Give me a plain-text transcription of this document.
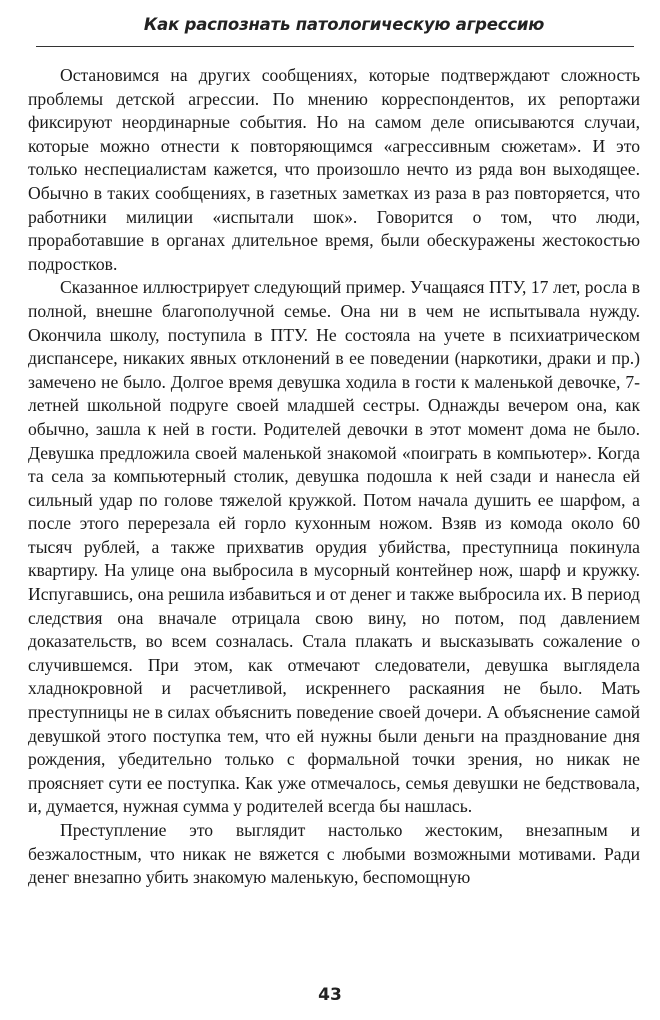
Как распознать патологическую агрессию

Остановимся на других сообщениях, которые подтверждают сложность проблемы детской агрессии. По мнению корреспондентов, их репортажи фиксируют неординарные события. Но на самом деле описываются случаи, которые можно отнести к повторяющимся «агрессивным сюжетам». И это только неспециалистам кажется, что произошло нечто из ряда вон выходящее. Обычно в таких сообщениях, в газетных заметках из раза в раз повторяется, что работники милиции «испытали шок». Говорится о том, что люди, проработавшие в органах длительное время, были обескуражены жестокостью подростков.

Сказанное иллюстрирует следующий пример. Учащаяся ПТУ, 17 лет, росла в полной, внешне благополучной семье. Она ни в чем не испытывала нужду. Окончила школу, поступила в ПТУ. Не состояла на учете в психиатрическом диспансере, никаких явных отклонений в ее поведении (наркотики, драки и пр.) замечено не было. Долгое время девушка ходила в гости к маленькой девочке, 7-летней школьной подруге своей младшей сестры. Однажды вечером она, как обычно, зашла к ней в гости. Родителей девочки в этот момент дома не было. Девушка предложила своей маленькой знакомой «поиграть в компьютер». Когда та села за компьютерный столик, девушка подошла к ней сзади и нанесла ей сильный удар по голове тяжелой кружкой. Потом начала душить ее шарфом, а после этого перерезала ей горло кухонным ножом. Взяв из комода около 60 тысяч рублей, а также прихватив орудия убийства, преступница покинула квартиру. На улице она выбросила в мусорный контейнер нож, шарф и кружку. Испугавшись, она решила избавиться и от денег и также выбросила их. В период следствия она вначале отрицала свою вину, но потом, под давлением доказательств, во всем созналась. Стала плакать и высказывать сожаление о случившемся. При этом, как отмечают следователи, девушка выглядела хладнокровной и расчетливой, искреннего раскаяния не было. Мать преступницы не в силах объяснить поведение своей дочери. А объяснение самой девушкой этого поступка тем, что ей нужны были деньги на празднование дня рождения, убедительно только с формальной точки зрения, но никак не проясняет сути ее поступка. Как уже отмечалось, семья девушки не бедствовала, и, думается, нужная сумма у родителей всегда бы нашлась.

Преступление это выглядит настолько жестоким, внезапным и безжалостным, что никак не вяжется с любыми возможными мотивами. Ради денег внезапно убить знакомую маленькую, беспомощную

43
